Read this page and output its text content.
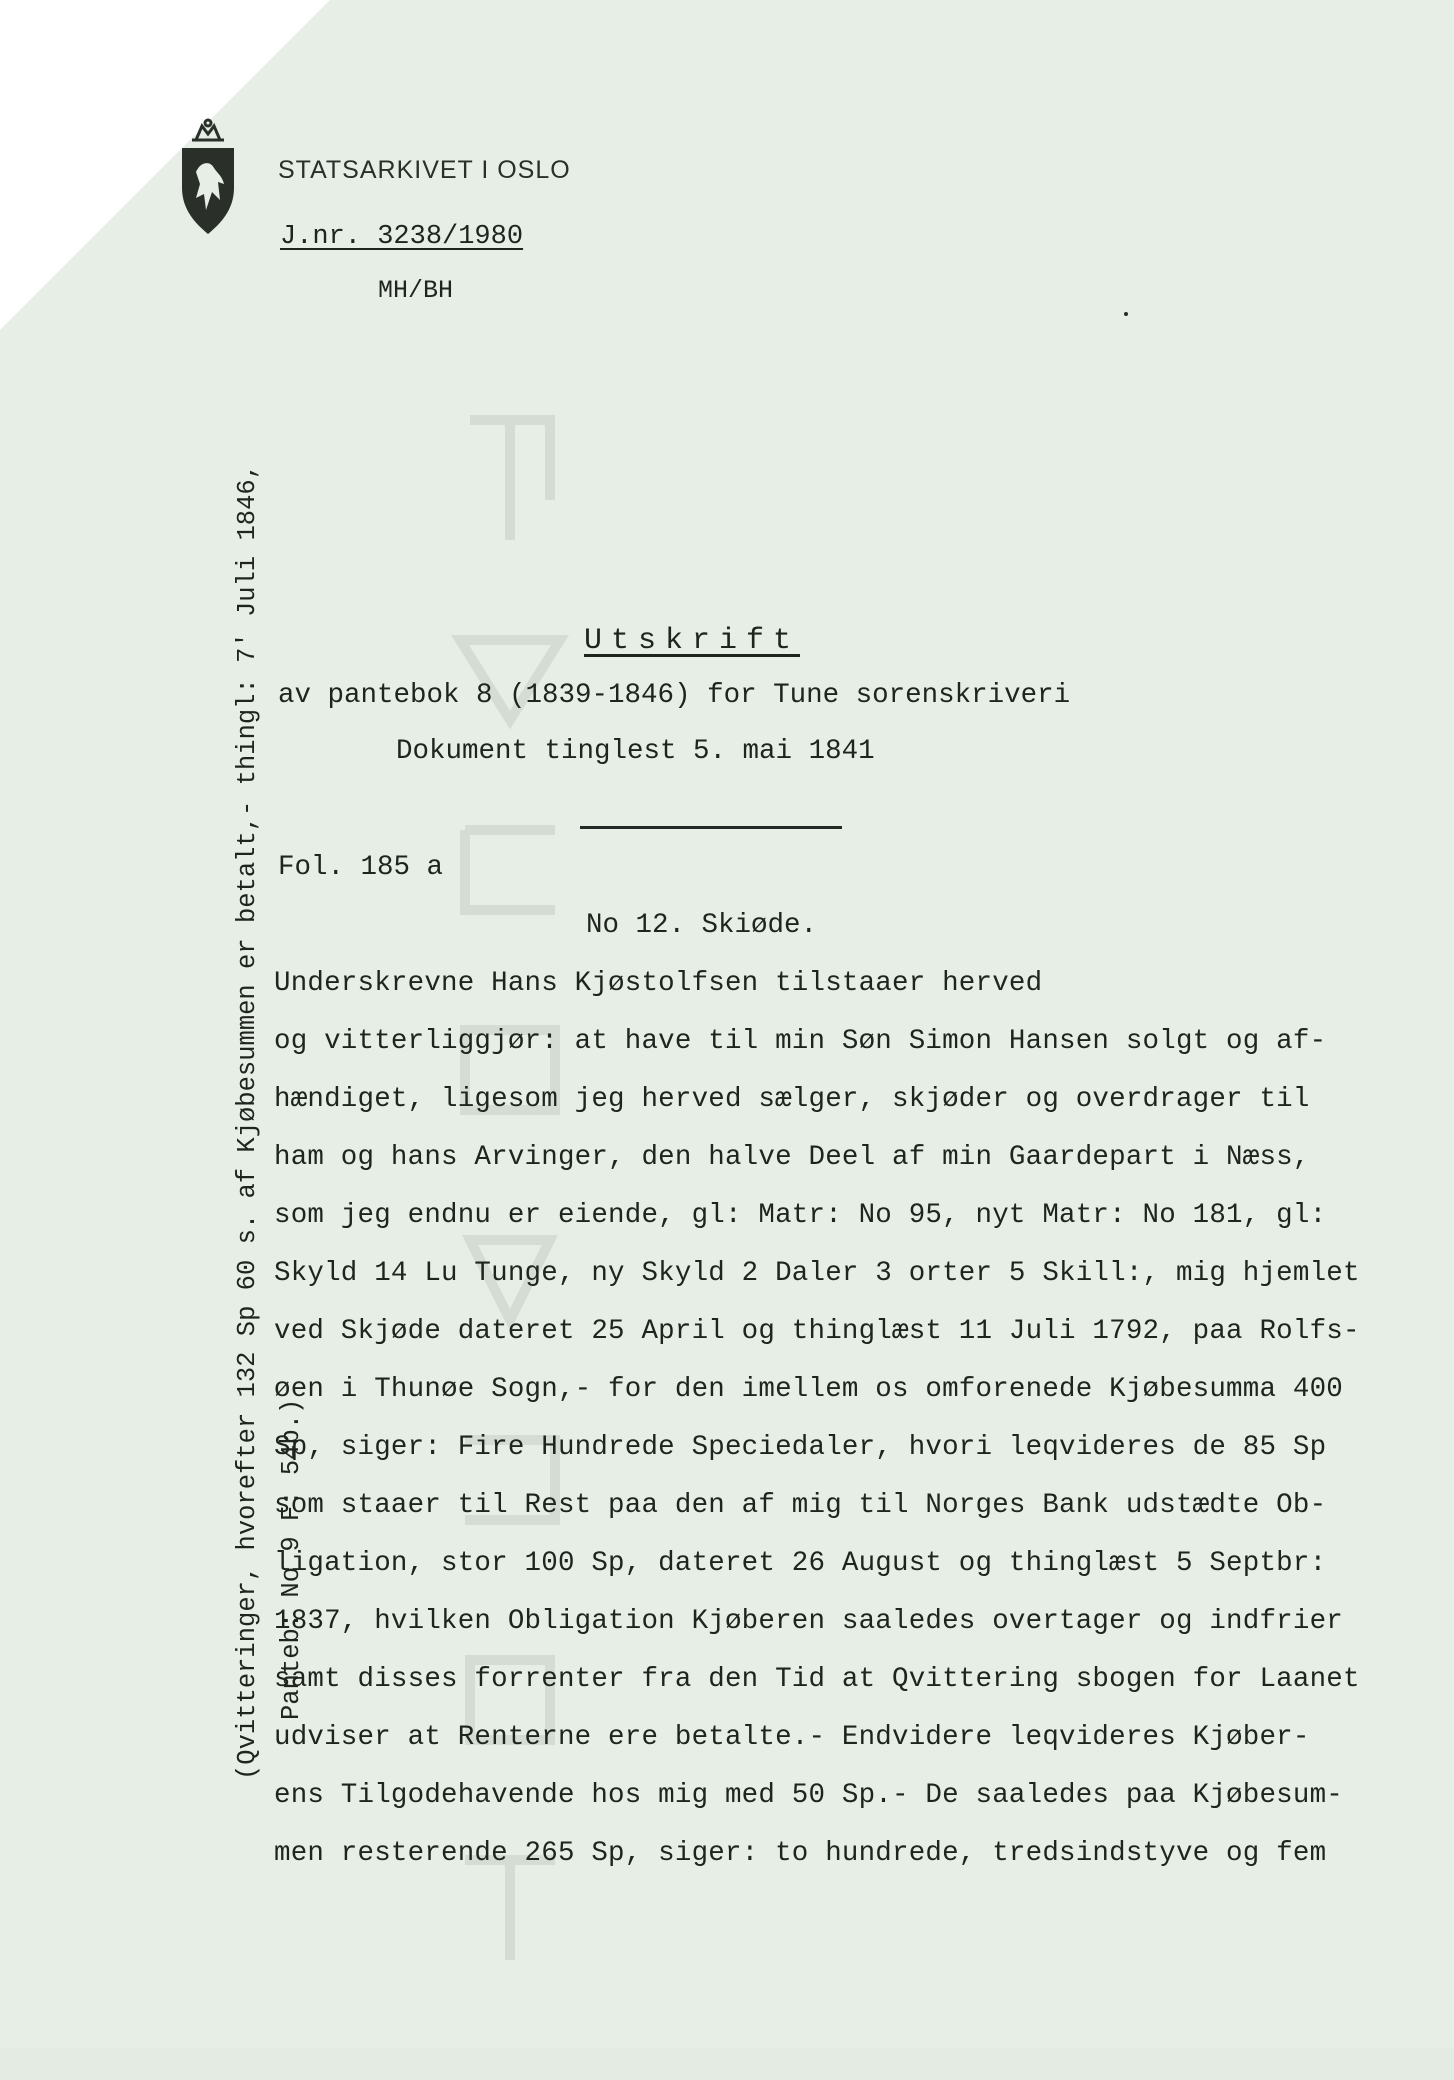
STATSARKIVET I OSLO
J.nr. 3238/1980
MH/BH
(Qvitteringer, hvorefter 132 Sp 60 s. af Kjøbesummen er betalt,- thingl: 7' Juli 1846, Panteb: No 9 F: 54b.)
Utskrift
av pantebok 8 (1839-1846) for Tune sorenskriveri
Dokument tinglest 5. mai 1841
Fol. 185 a
No 12. Skiøde.
Underskrevne Hans Kjøstolfsen tilstaaer herved
og vitterliggjør: at have til min Søn Simon Hansen solgt og af-
hændiget, ligesom jeg herved sælger, skjøder og overdrager til
ham og hans Arvinger, den halve Deel af min Gaardepart i Næss,
som jeg endnu er eiende, gl: Matr: No 95, nyt Matr: No 181, gl:
Skyld 14 Lu Tunge, ny Skyld 2 Daler 3 orter 5 Skill:, mig hjemlet
ved Skjøde dateret 25 April og thinglæst 11 Juli 1792, paa Rolfs-
øen i Thunøe Sogn,- for den imellem os omforenede Kjøbesumma 400
Sp, siger: Fire Hundrede Speciedaler, hvori leqvideres de 85 Sp
som staaer til Rest paa den af mig til Norges Bank udstædte Ob-
ligation, stor 100 Sp, dateret 26 August og thinglæst 5 Septbr:
1837, hvilken Obligation Kjøberen saaledes overtager og indfrier
samt disses forrenter fra den Tid at Qvittering sbogen for Laanet
udviser at Renterne ere betalte.- Endvidere leqvideres Kjøber-
ens Tilgodehavende hos mig med 50 Sp.- De saaledes paa Kjøbesum-
men resterende 265 Sp, siger: to hundrede, tredsindstyve og fem
